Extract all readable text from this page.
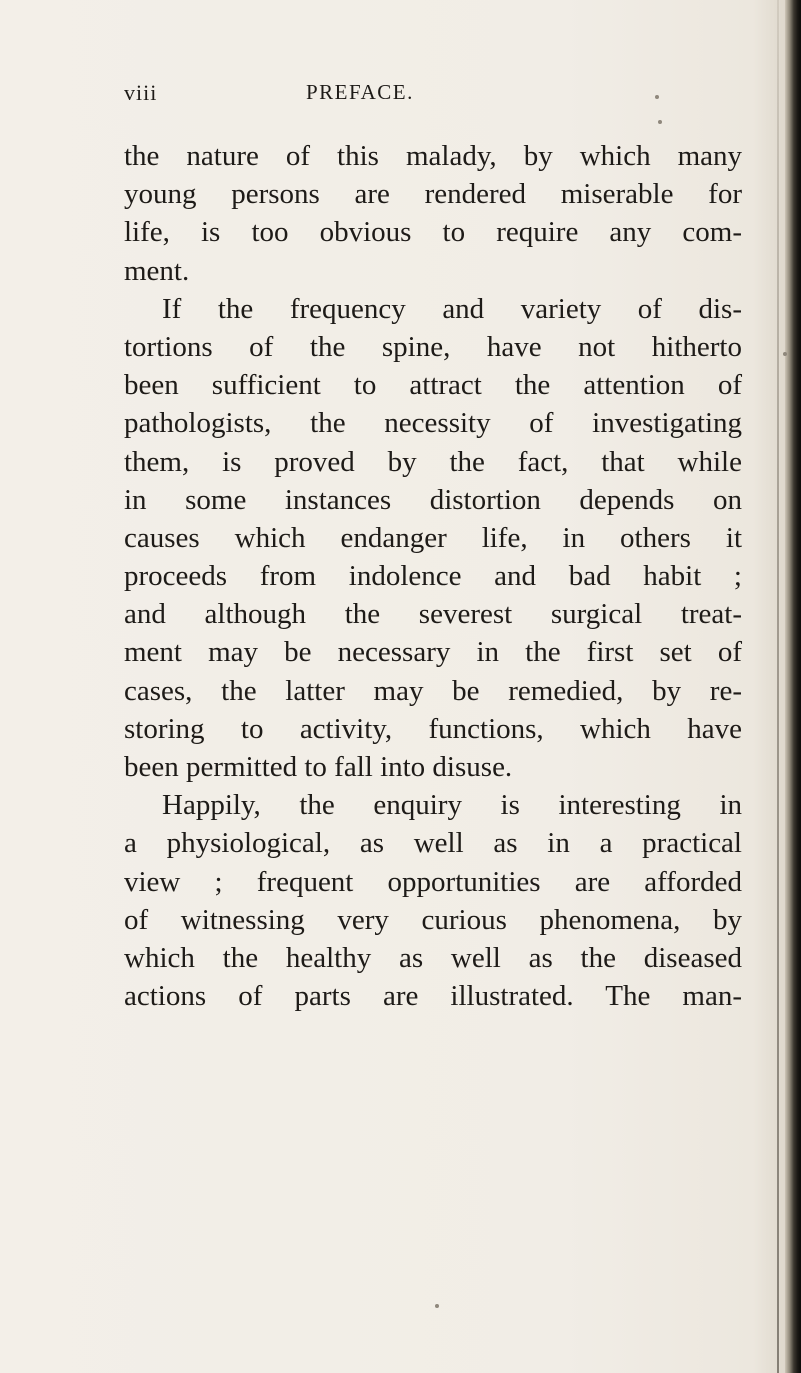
viii	PREFACE.
the nature of this malady, by which many
young persons are rendered miserable for
life, is too obvious to require any com-
ment.
If the frequency and variety of dis-
tortions of the spine, have not hitherto
been sufficient to attract the attention of
pathologists, the necessity of investigating
them, is proved by the fact, that while
in some instances distortion depends on
causes which endanger life, in others it
proceeds from indolence and bad habit ;
and although the severest surgical treat-
ment may be necessary in the first set of
cases, the latter may be remedied, by re-
storing to activity, functions, which have
been permitted to fall into disuse.
Happily, the enquiry is interesting in
a physiological, as well as in a practical
view ; frequent opportunities are afforded
of witnessing very curious phenomena, by
which the healthy as well as the diseased
actions of parts are illustrated. The man-
